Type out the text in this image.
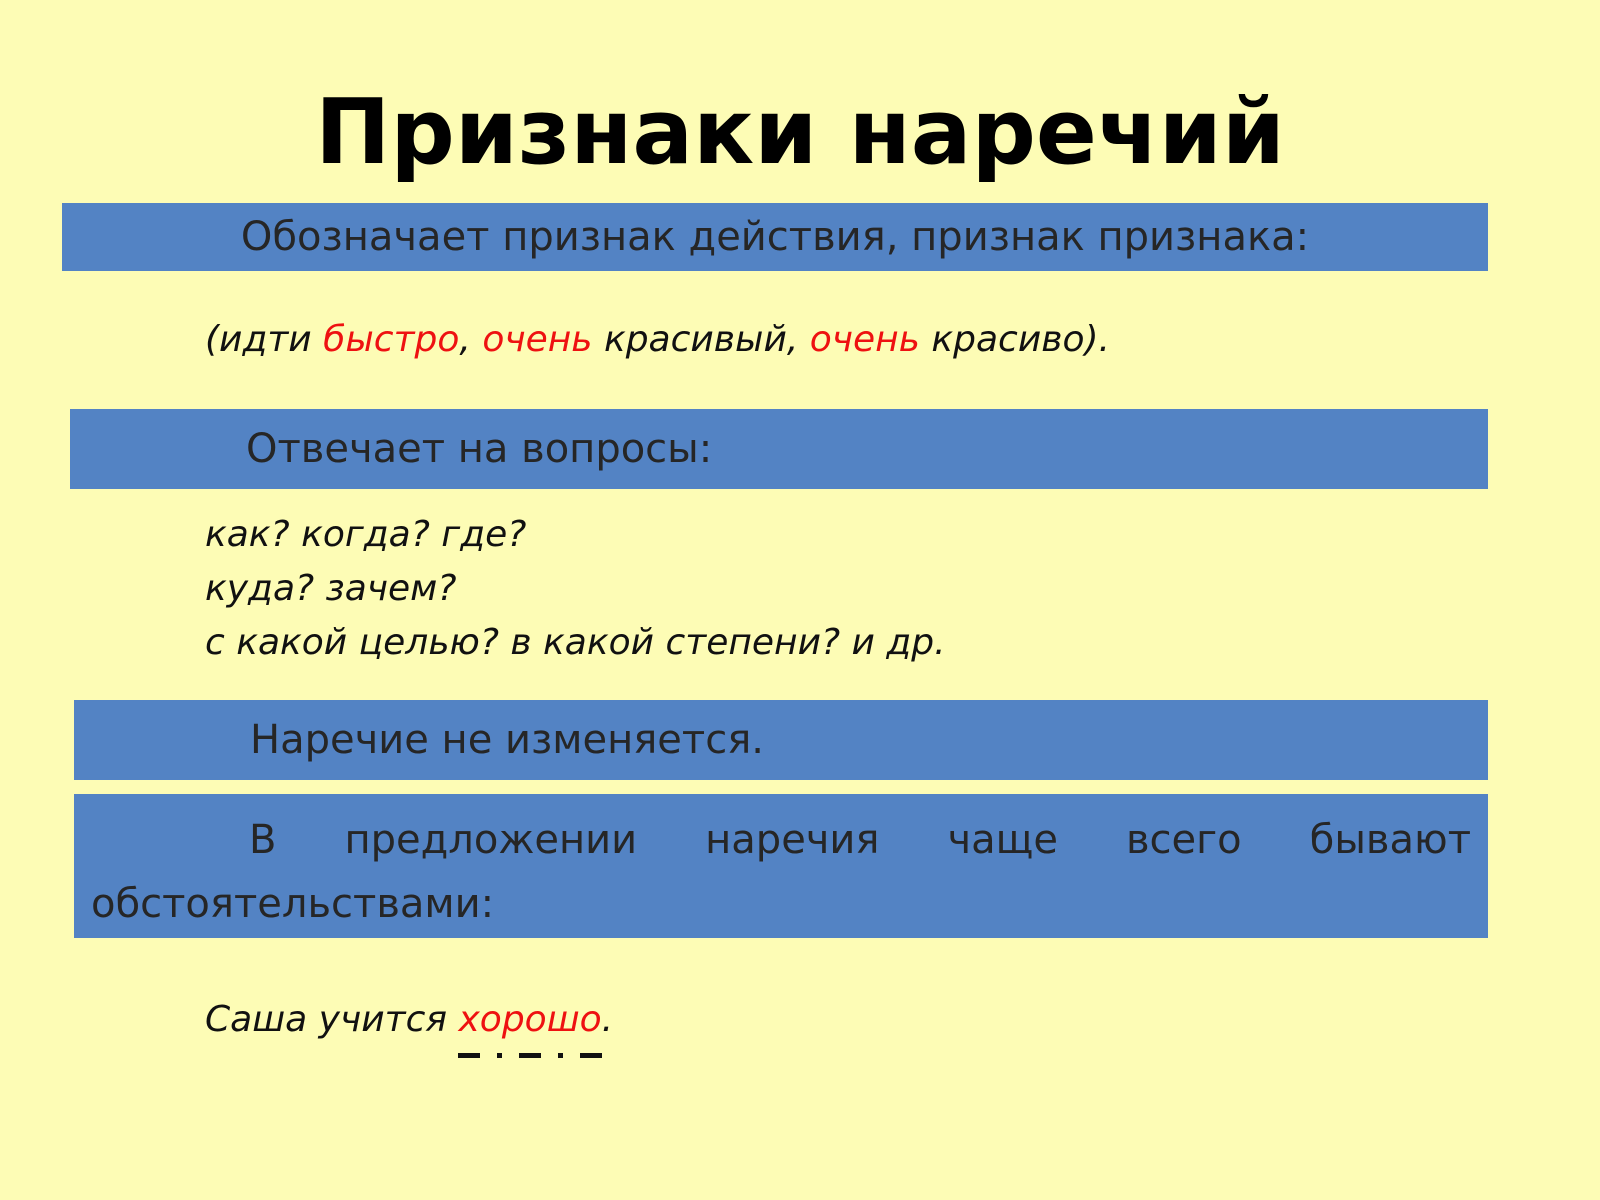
Признаки наречий
Обозначает признак действия, признак признака:
(идти быстро, очень красивый, очень красиво).
Отвечает на вопросы:
как? когда? где?
куда? зачем?
с какой целью? в какой степени? и др.
Наречие не изменяется.
В предложении наречия чаще всего бывают обстоятельствами:
Саша учится хорошо
.
